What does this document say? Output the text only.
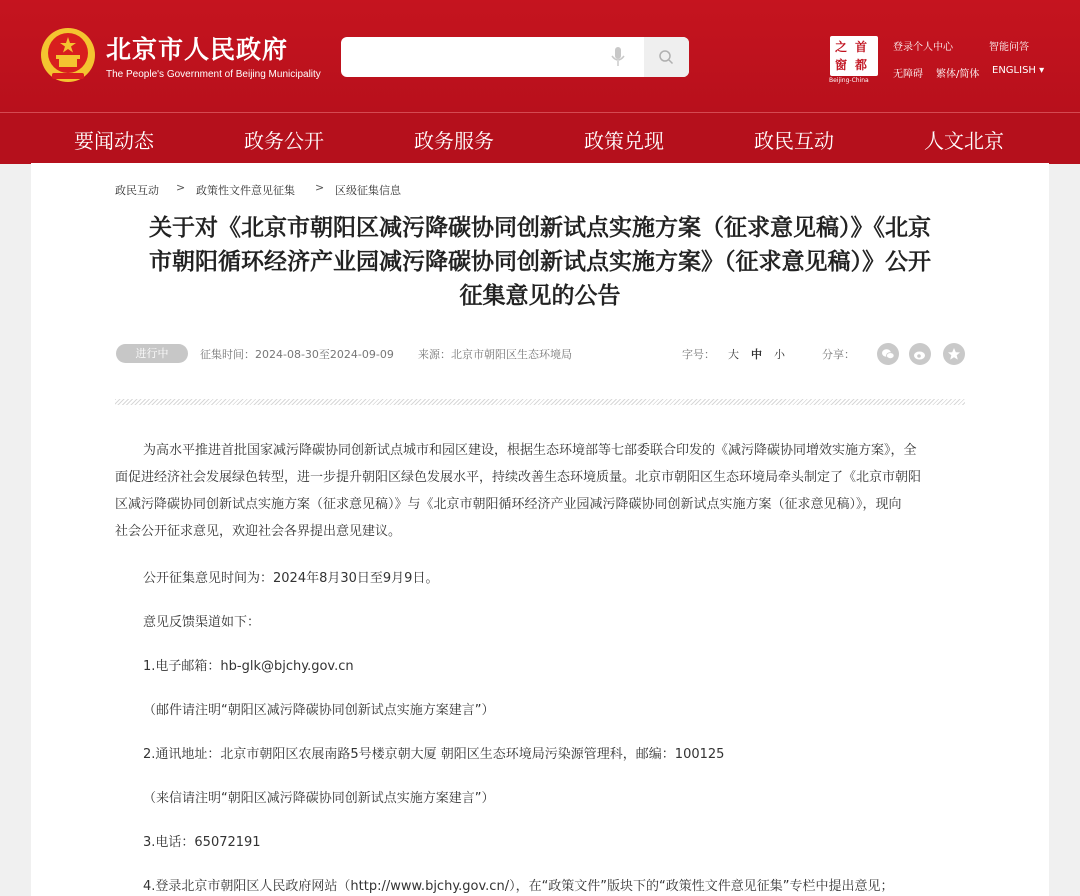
北京市人民政府
The People's Government of Beijing Municipality
首
之
都
窗
Beijing-China
登录个人中心	智能问答
无障碍 繁体/简体 ENGLISH ▾
要闻动态	政务公开	政务服务	政策兑现	政民互动	人文北京
政民互动 > 政策性文件意见征集 > 区级征集信息
关于对《北京市朝阳区减污降碳协同创新试点实施方案（征求意见稿）》《北京
市朝阳循环经济产业园减污降碳协同创新试点实施方案》（征求意见稿）》公开
征集意见的公告
进行中	征集时间：2024-08-30至2024-09-09 来源：北京市朝阳区生态环境局	字号： 大 中 小	分享：
为高水平推进首批国家减污降碳协同创新试点城市和园区建设，根据生态环境部等七部委联合印发的《减污降碳协同增效实施方案》，全
面促进经济社会发展绿色转型，进一步提升朝阳区绿色发展水平，持续改善生态环境质量。北京市朝阳区生态环境局牵头制定了《北京市朝阳
区减污降碳协同创新试点实施方案（征求意见稿）》与《北京市朝阳循环经济产业园减污降碳协同创新试点实施方案（征求意见稿）》，现向
社会公开征求意见，欢迎社会各界提出意见建议。
公开征集意见时间为：2024年8月30日至9月9日。
意见反馈渠道如下：
1.电子邮箱：hb-glk@bjchy.gov.cn
（邮件请注明“朝阳区减污降碳协同创新试点实施方案建言”）
2.通讯地址：北京市朝阳区农展南路5号楼京朝大厦 朝阳区生态环境局污染源管理科，邮编：100125
（来信请注明“朝阳区减污降碳协同创新试点实施方案建言”）
3.电话：65072191
4.登录北京市朝阳区人民政府网站（http://www.bjchy.gov.cn/），在“政策文件”版块下的“政策性文件意见征集”专栏中提出意见；
